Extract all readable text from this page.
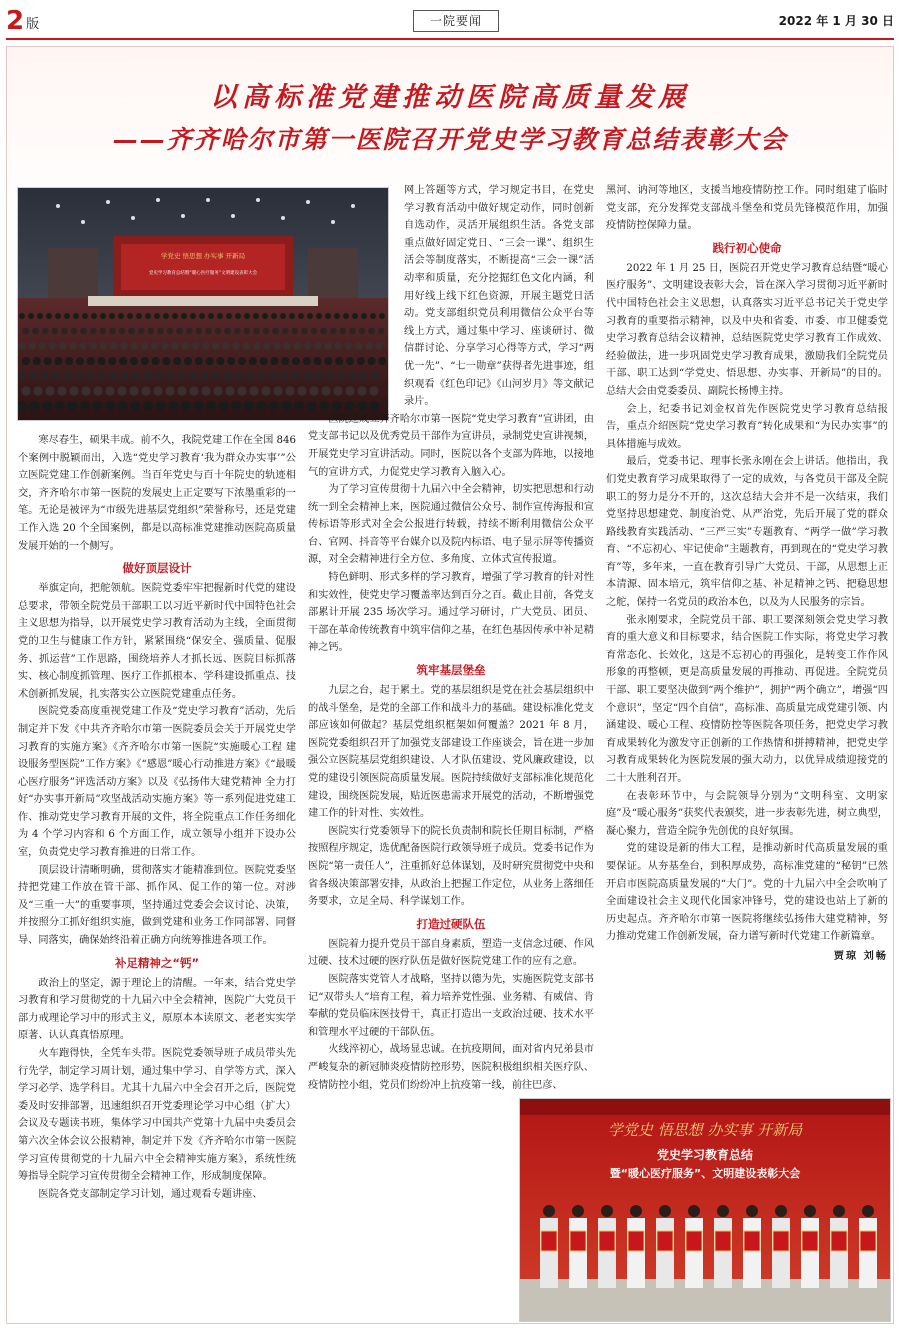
2 版	一院要闻	2022 年 1 月 30 日
以高标准党建推动医院高质量发展
——齐齐哈尔市第一医院召开党史学习教育总结表彰大会
学党史 悟思想 办实事 开新局
党史学习教育总结暨“暖心医疗服务”文明建设表彰大会

寒尽春生，硕果丰成。前不久，我院党建工作在全国 846 个案例中脱颖而出，入选“党史学习教育‘我为群众办实事’”公立医院党建工作创新案例。当百年党史与百十年院史的轨迹相交，齐齐哈尔市第一医院的发展史上正定要写下浓墨重彩的一笔。无论是被评为“市级先进基层党组织”荣誉称号，还是党建工作入选 20 个全国案例，都是以高标准党建推动医院高质量发展开始的一个侧写。

做好顶层设计

举旗定向，把舵领航。医院党委牢牢把握新时代党的建设总要求，带领全院党员干部职工以习近平新时代中国特色社会主义思想为指导，以开展党史学习教育活动为主线，全面贯彻党的卫生与健康工作方针，紧紧围绕“保安全、强质量、促服务、抓运营”工作思路，围绕培养人才抓长远、医院目标抓落实、核心制度抓管理、医疗工作抓根本、学科建设抓重点、技术创新抓发展，扎实落实公立医院党建重点任务。

医院党委高度重视党建工作及“党史学习教育”活动，先后制定并下发《中共齐齐哈尔市第一医院委员会关于开展党史学习教育的实施方案》《齐齐哈尔市第一医院“实施暖心工程 建设服务型医院”工作方案》《“感恩”暖心行动推进方案》《“最暖心医疗服务”评选活动方案》以及《弘扬伟大建党精神 全力打好“办实事开新局”攻坚战活动实施方案》等一系列促进党建工作、推动党史学习教育开展的文件，将全院重点工作任务细化为 4 个学习内容和 6 个方面工作，成立领导小组并下设办公室，负责党史学习教育推进的日常工作。

顶层设计清晰明确，贯彻落实才能精准到位。医院党委坚持把党建工作放在管干部、抓作风、促工作的第一位。对涉及“三重一大”的重要事项，坚持通过党委会会议讨论、决策，并按照分工抓好组织实施，做到党建和业务工作同部署、同督导、同落实，确保始终沿着正确方向统筹推进各项工作。

补足精神之“钙”

政治上的坚定，源于理论上的清醒。一年来，结合党史学习教育和学习贯彻党的十九届六中全会精神，医院广大党员干部力戒理论学习中的形式主义，原原本本读原文、老老实实学原著、认认真真悟原理。

火车跑得快，全凭车头带。医院党委领导班子成员带头先行先学，制定学习周计划，通过集中学习、自学等方式，深入学习必学、选学科目。尤其十九届六中全会召开之后，医院党委及时安排部署，迅速组织召开党委理论学习中心组（扩大）会议及专题读书班，集体学习中国共产党第十九届中央委员会第六次全体会议公报精神，制定并下发《齐齐哈尔市第一医院学习宣传贯彻党的十九届六中全会精神实施方案》，系统性统筹指导全院学习宣传贯彻全会精神工作，形成制度保障。

医院各党支部制定学习计划，通过观看专题讲座、

网上答题等方式，学习规定书目，在党史学习教育活动中做好规定动作，同时创新自选动作，灵活开展组织生活。各党支部重点做好固定党日、“三会一课”、组织生活会等制度落实，不断提高“三会一课”活动率和质量，充分挖掘红色文化内涵，利用好线上线下红色资源，开展主题党日活动。党支部组织党员利用微信公众平台等线上方式，通过集中学习、座谈研讨、微信群讨论、分享学习心得等方式，学习“两优一先”、“七一勋章”获得者先进事迹，组织观看《红色印记》《山河岁月》等文献记录片。

医院还成立齐齐哈尔市第一医院“党史学习教育”宣讲团，由党支部书记以及优秀党员干部作为宣讲员，录制党史宣讲视频，开展党史学习宣讲活动。同时，医院以各个支部为阵地，以接地气的宣讲方式，力促党史学习教育入脑入心。

为了学习宣传贯彻十九届六中全会精神，切实把思想和行动统一到全会精神上来，医院通过微信公众号、制作宣传海报和宣传标语等形式对全会公报进行转载，持续不断利用微信公众平台、官网、抖音等平台媒介以及院内标语、电子显示屏等传播资源，对全会精神进行全方位、多角度、立体式宣传报道。

特色鲜明、形式多样的学习教育，增强了学习教育的针对性和实效性，使党史学习覆盖率达到百分之百。截止目前，各党支部累计开展 235 场次学习。通过学习研讨，广大党员、团员、干部在革命传统教育中筑牢信仰之基，在红色基因传承中补足精神之钙。

筑牢基层堡垒

九层之台，起于累土。党的基层组织是党在社会基层组织中的战斗堡垒，是党的全部工作和战斗力的基础。建设标准化党支部应该如何做起？基层党组织框架如何覆盖？2021 年 8 月，医院党委组织召开了加强党支部建设工作座谈会，旨在进一步加强公立医院基层党组织建设、人才队伍建设、党风廉政建设，以党的建设引领医院高质量发展。医院持续做好支部标准化规范化建设，围绕医院发展，贴近医患需求开展党的活动，不断增强党建工作的针对性、实效性。

医院实行党委领导下的院长负责制和院长任期目标制，严格按照程序规定，选优配备医院行政领导班子成员。党委书记作为医院“第一责任人”，注重抓好总体谋划，及时研究贯彻党中央和省各级决策部署安排，从政治上把握工作定位，从业务上落细任务要求，立足全局、科学谋划工作。

打造过硬队伍

医院着力提升党员干部自身素质，塑造一支信念过硬、作风过硬、技术过硬的医疗队伍是做好医院党建工作的应有之意。

医院落实党管人才战略，坚持以德为先，实施医院党支部书记“双带头人”培育工程，着力培养党性强、业务精、有威信、肯奉献的党员临床医技骨干，真正打造出一支政治过硬、技术水平和管理水平过硬的干部队伍。

火线淬初心，战场显忠诚。在抗疫期间，面对省内兄弟县市严峻复杂的新冠肺炎疫情防控形势，医院积极组织相关医疗队、疫情防控小组，党员们纷纷冲上抗疫第一线，前往巴彦、

黑河、讷河等地区，支援当地疫情防控工作。同时组建了临时党支部，充分发挥党支部战斗堡垒和党员先锋模范作用，加强疫情防控保障力量。

践行初心使命

2022 年 1 月 25 日，医院召开党史学习教育总结暨“暖心医疗服务”、文明建设表彰大会，旨在深入学习贯彻习近平新时代中国特色社会主义思想，认真落实习近平总书记关于党史学习教育的重要指示精神，以及中央和省委、市委、市卫健委党史学习教育总结会议精神，总结医院党史学习教育工作成效、经验做法，进一步巩固党史学习教育成果，激励我们全院党员干部、职工达到“学党史、悟思想、办实事、开新局”的目的。总结大会由党委委员、副院长杨博主持。

会上，纪委书记刘金权首先作医院党史学习教育总结报告，重点介绍医院“党史学习教育”转化成果和“为民办实事”的具体措施与成效。

最后，党委书记、理事长张永刚在会上讲话。他指出，我们党史教育学习成果取得了一定的成效，与各党员干部及全院职工的努力是分不开的，这次总结大会并不是一次结束，我们党坚持思想建党、制度治党、从严治党，先后开展了党的群众路线教育实践活动、“三严三实”专题教育、“两学一做”学习教育、“不忘初心、牢记使命”主题教育，再到现在的“党史学习教育”等，多年来，一直在教育引导广大党员、干部，从思想上正本清源、固本培元，筑牢信仰之基、补足精神之钙、把稳思想之舵，保持一名党员的政治本色，以及为人民服务的宗旨。

张永刚要求，全院党员干部、职工要深刻领会党史学习教育的重大意义和目标要求，结合医院工作实际，将党史学习教育常态化、长效化，这是不忘初心的再强化，是转变工作作风形象的再整顿，更是高质量发展的再推动、再促进。全院党员干部、职工要坚决做到“两个维护”，拥护“两个确立”，增强“四个意识”，坚定“四个自信”，高标准、高质量完成党建引领、内涵建设、暖心工程、疫情防控等医院各项任务，把党史学习教育成果转化为激发守正创新的工作热情和拼搏精神，把党史学习教育成果转化为医院发展的强大动力，以优异成绩迎接党的二十大胜利召开。

在表彰环节中，与会院领导分别为“文明科室、文明家庭”及“暖心服务”获奖代表颁奖，进一步表彰先进，树立典型，凝心聚力，营造全院争先创优的良好氛围。

党的建设是新的伟大工程，是推动新时代高质量发展的重要保证。从夯基垒台，到积厚成势，高标准党建的“秘钥”已然开启市医院高质量发展的“大门”。党的十九届六中全会吹响了全面建设社会主义现代化国家冲锋号，党的建设也站上了新的历史起点。齐齐哈尔市第一医院将继续弘扬伟大建党精神，努力推动党建工作创新发展，奋力谱写新时代党建工作新篇章。

贾琼 刘畅
学党史 悟思想 办实事 开新局
党史学习教育总结
暨“暖心医疗服务”、文明建设表彰大会
